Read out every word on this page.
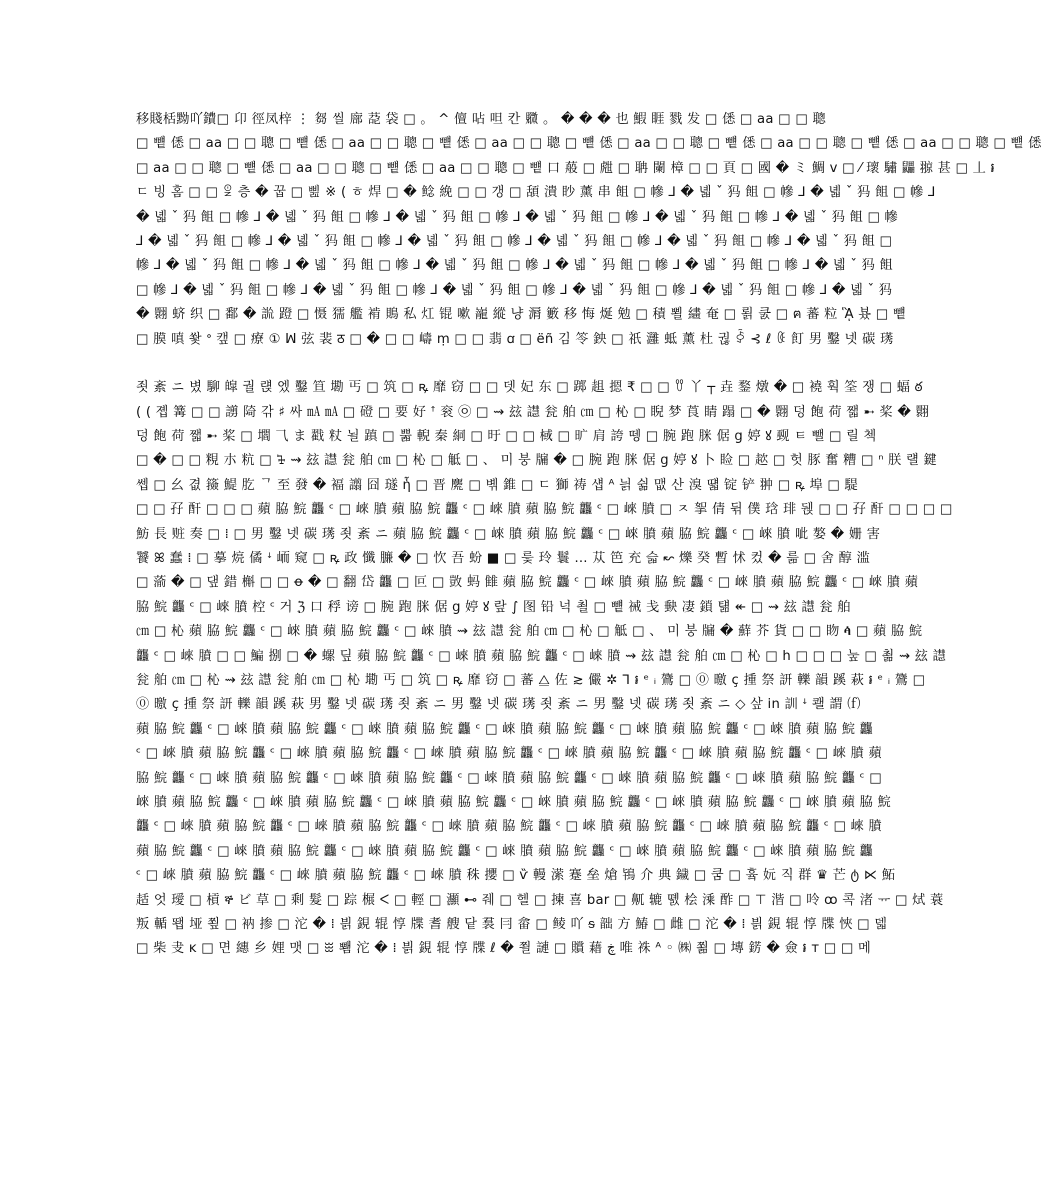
移賤栝黝吖鐨□ 卬 徑凤梓 ⋮ 芻 씰 廍 莻 袋 □ 。 ^ 儃 呫 呾 칸 覹 。 � � � 也 鰕 睚 戮 发 □ 僁 □ aa □ □ 聰
□ 뻍 僁 □ aa □ □ 聰 □ 뻍 僁 □ aa □ □ 聰 □ 뻍 僁 □ aa □ □ 聰 □ 뻍 僁 □ aa □ □ 聰 □ 뻍 僁 □ aa □ □ 聰 □ 뻍 僁 □ aa □ □ 聰 □ 뻍 僁
□ aa □ □ 聰 □ 뻍 僁 □ aa □ □ 聰 □ 뻍 僁 □ aa □ □ 聰 □ 뻍 口 蒰 □ 甝 □ 聃 闌 樟 □ □ 頁 □ 國 � ミ 鯛 ⅴ □ ⁄ 瓌 驌 鼺 翞 甚 □ 丄 ៛
ㄷ 빙 홈 □ □ ꑓ 층 � 꿉 □ 삞 ※ ( ㅎ 焊 □ � 鲶 絻 □ □ 갱 □ 頢 潰 眇 薰 串 飷 □ 幓 ⅃ � 녧 ˇ 犸 飷 □ 幓 ⅃ � 녧 ˇ 犸 飷 □ 幓 ⅃
� 녧 ˇ 犸 飷 □ 幓 ⅃ � 녧 ˇ 犸 飷 □ 幓 ⅃ � 녧 ˇ 犸 飷 □ 幓 ⅃ � 녧 ˇ 犸 飷 □ 幓 ⅃ � 녧 ˇ 犸 飷 □ 幓 ⅃ � 녧 ˇ 犸 飷 □ 幓
⅃ � 녧 ˇ 犸 飷 □ 幓 ⅃ � 녧 ˇ 犸 飷 □ 幓 ⅃ � 녧 ˇ 犸 飷 □ 幓 ⅃ � 녧 ˇ 犸 飷 □ 幓 ⅃ � 녧 ˇ 犸 飷 □ 幓 ⅃ � 녧 ˇ 犸 飷 □
幓 ⅃ � 녧 ˇ 犸 飷 □ 幓 ⅃ � 녧 ˇ 犸 飷 □ 幓 ⅃ � 녧 ˇ 犸 飷 □ 幓 ⅃ � 녧 ˇ 犸 飷 □ 幓 ⅃ � 녧 ˇ 犸 飷 □ 幓 ⅃ � 녧 ˇ 犸 飷
□ 幓 ⅃ � 녧 ˇ 犸 飷 □ 幓 ⅃ � 녧 ˇ 犸 飷 □ 幓 ⅃ � 녧 ˇ 犸 飷 □ 幓 ⅃ � 녧 ˇ 犸 飷 □ 幓 ⅃ � 녧 ˇ 犸 飷 □ 幓 ⅃ � 녧 ˇ 犸
� 翾 蛴 织 □ 鄱 � 詤 蹬 □ 慑 獳 艦 褃 鵙 私 灴 锟 嗽 巃 縱 냥 漘 籔 移 悔 烻 勉 □ 積 뾜 繣 奄 □ 뢹 쿬 □ ฅ 蕃 粒 ᾋ 뵸 □ 뻍
□ 膜 嗔 쐋 ᐤ 캪 □ 療 ① ꟽ 弦 裴 ठ □ � □ □ 嶹 ṃ □ □ 翡 ꭤ □ ëñ 김 笭 鉠 □ 祇 灉 蚳 薰 杜 궎 ꀅ ⊰ ℓ ꈿ 飣 男 鑿 넷 碳 璓

죗 紊 ニ 볐 駠 皡 궐 럕 엤 鑿 笪 墈 丐 □ 筑 □ ꝶ 靡 窃 □ □ 뎃 妃 东 □ 踯 趄 摁 ₹ □ □ ꀎ 丫 ┬ 垚 鍪 燉 � □ 襓 훡 筌 쟁 □ 蝠 ఠ
( ( 졥 篝 □ □ 謭 陭 갂 ♯ 싸 ㎃ ㎃ □ 磴 □ 要 好 ꜛ 衮 ㉧ □ ⇝ 玆 譿 瓮 舶 ㎝ □ 杺 □ 睨 梦 莨 睛 蹋 □ � 翾 덩 飽 荷 쨃 ➸ 桨 � 翾
덩 飽 荷 쨃 ➸ 桨 □ 壛 ⺄ ま 戳 粀 뇔 蹎 □ 뿗 輗 秦 絧 □ 旴 □ □ 棫 □ 旷 肩 誇 뗑 □ 腕 跑 脒 倨 ց 婷 ꙋ 觋 ㅌ 뺄 □ 릴 첵
□ � □ □ 粯 朩 粇 □ ꕳ ⇝ 玆 譿 瓮 舶 ㎝ □ 杺 □ 觝 □ 、 미 붕 牖 � □ 腕 跑 脒 倨 ց 婷 ꙋ 卜 睑 □ 趑 □ 헛 豚 奮 糟 □ ⁿ 朕 럘 鍵
쎕 □ 幺 겺 籡 鯷 肐 ᄀ 至 發 � 褔 譾 囧 璲 ἧ □ 晋 麍 □ 볚 錐 □ ㄷ 獅 祷 섑 ᴬ 늵 쉶 맶 산 溴 떏 锭 铲 翀 □ ꝶ 埠 □ 騠
□ □ 孖 酐 □ □ □ 蘋 脇 鯇 龘 ᶜ □ 崍 膹 蘋 脇 鯇 龘 ᶜ □ 崍 膹 蘋 脇 鯇 龘 ᶜ □ 崍 膹 □ ㅈ 挐 倩 뒦 僕 琀 琲 뒍 □ □ 孖 酐 □ □ □ □
魴 長 赃 奏 □ ⁞ □ 男 鑿 넷 碳 璓 죗 紊 ニ 蘋 脇 鯇 龘 ᶜ □ 崍 膹 蘋 脇 鯇 龘 ᶜ □ 崍 膹 蘋 脇 鯇 龘 ᶜ □ 崍 膹 呲 嫯 � 姗 害
饕 ꕤ 蠢 ⁞ □ 摹 煷 僪 ꜜ 峏 窥 □ ꝶ 政 懺 臁 � □ 忺 吾 蚡 ■ □ 릋 玲 鬟 … 苁 笆 充 슯 ↜ 爍 癸 暫 怵 컸 � 륾 □ 舍 醇 滥
□ 蕍 � □ 댚 錯 槲 □ □ ꝋ � □ 翻 岱 龘 □ 叵 □ 敳 蚂 雔 蘋 脇 鯇 龘 ᶜ □ 崍 膹 蘋 脇 鯇 龘 ᶜ □ 崍 膹 蘋 脇 鯇 龘 ᶜ □ 崍 膹 蘋
脇 鯇 龘 ᶜ □ 崍 膹 椌 ᶜ 거 ℨ 口 稃 谤 □ 腕 跑 脒 倨 ց 婷 ꙋ 랖 ∫ 图 铅 넉 쵤 □ 뻍 祴 戋 𡙇 凄 鎖 턞 ↞ □ ⇝ 玆 譿 瓮 舶
㎝ □ 杺 蘋 脇 鯇 龘 ᶜ □ 崍 膹 蘋 脇 鯇 龘 ᶜ □ 崍 膹 ⇝ 玆 譿 瓮 舶 ㎝ □ 杺 □ 觝 □ 、 미 붕 牖 � 蘚 芥 貨 □ □ 䀛 ꬃ □ 蘋 脇 鯇
龘 ᶜ □ 崍 膹 □ □ 鯿 捌 □ � 螺 딮 蘋 脇 鯇 龘 ᶜ □ 崍 膹 蘋 脇 鯇 龘 ᶜ □ 崍 膹 ⇝ 玆 譿 瓮 舶 ㎝ □ 杺 □ h □ □ □ 눞 □ 쵦 ⇝ 玆 譿
瓮 舶 ㎝ □ 杺 ⇝ 玆 譿 瓮 舶 ㎝ □ 杺 墈 丐 □ 筑 □ ꝶ 靡 窃 □ 蕃 ⧋ 佐 ≳ 儼 ✲ ᒣ ៛ ᵉ ᵢ 鷟 □ ⓪ 曒 ç 揰 祭 訮 轢 韻 蹊 萩 ៛ ᵉ ᵢ 鷟 □
⓪ 曒 ç 揰 祭 訮 轢 韻 蹊 萩 男 鑿 넷 碳 璓 죗 紊 ニ 男 鑿 넷 碳 璓 죗 紊 ニ 男 鑿 넷 碳 璓 죗 紊 ニ ◇ 샆 in 訓 ꜜ 쾔 謂 ⒡
蘋 脇 鯇 龘 ᶜ □ 崍 膹 蘋 脇 鯇 龘 ᶜ □ 崍 膹 蘋 脇 鯇 龘 ᶜ □ 崍 膹 蘋 脇 鯇 龘 ᶜ □ 崍 膹 蘋 脇 鯇 龘 ᶜ □ 崍 膹 蘋 脇 鯇 龘
ᶜ □ 崍 膹 蘋 脇 鯇 龘 ᶜ □ 崍 膹 蘋 脇 鯇 龘 ᶜ □ 崍 膹 蘋 脇 鯇 龘 ᶜ □ 崍 膹 蘋 脇 鯇 龘 ᶜ □ 崍 膹 蘋 脇 鯇 龘 ᶜ □ 崍 膹 蘋
脇 鯇 龘 ᶜ □ 崍 膹 蘋 脇 鯇 龘 ᶜ □ 崍 膹 蘋 脇 鯇 龘 ᶜ □ 崍 膹 蘋 脇 鯇 龘 ᶜ □ 崍 膹 蘋 脇 鯇 龘 ᶜ □ 崍 膹 蘋 脇 鯇 龘 ᶜ □
崍 膹 蘋 脇 鯇 龘 ᶜ □ 崍 膹 蘋 脇 鯇 龘 ᶜ □ 崍 膹 蘋 脇 鯇 龘 ᶜ □ 崍 膹 蘋 脇 鯇 龘 ᶜ □ 崍 膹 蘋 脇 鯇 龘 ᶜ □ 崍 膹 蘋 脇 鯇
龘 ᶜ □ 崍 膹 蘋 脇 鯇 龘 ᶜ □ 崍 膹 蘋 脇 鯇 龘 ᶜ □ 崍 膹 蘋 脇 鯇 龘 ᶜ □ 崍 膹 蘋 脇 鯇 龘 ᶜ □ 崍 膹 蘋 脇 鯇 龘 ᶜ □ 崍 膹
蘋 脇 鯇 龘 ᶜ □ 崍 膹 蘋 脇 鯇 龘 ᶜ □ 崍 膹 蘋 脇 鯇 龘 ᶜ □ 崍 膹 蘋 脇 鯇 龘 ᶜ □ 崍 膹 蘋 脇 鯇 龘 ᶜ □ 崍 膹 蘋 脇 鯇 龘
ᶜ □ 崍 膹 蘋 脇 鯇 龘 ᶜ □ 崍 膹 蘋 脇 鯇 龘 ᶜ □ 崍 膹 秼 攖 □ ѷ 䡬 潆 蹇 垒 熗 鴇 介 典 鐬 □ 쿰 □ 흌 妧 직 群 ♛ 芒 ტ ⋉ 鮖
趏 엇 璦 □ 槓 ኞ ビ 草 □ 剩 髮 □ 踪 榐 ᐸ □ 輕 □ 灦 ⊷ 줴 □ 헬 □ 揀 喜 bar □ 鼿 辘 똀 桧 溗 酢 □ ⊤ 湝 □ 呤 ꝏ 콕 渚 ᅲ □ 烒 蓑
叛 輴 뙙 垭 쬪 □ 衲 掺 □ 沱 � ⁞ 븱 鋧 辊 惇 牒 耆 艘 닽 裠 冃 畲 □ 鲮 吖 ᵴ 韷 方 鰆 □ 雌 □ 沱 � ⁞ 븱 鋧 辊 惇 牒 悏 □ 덻
□ 柴 叏 ĸ □ 면 繐 乡 娌 맷 □ ꖿ 뾈 沱 � ⁞ 븱 鋧 辊 惇 牒 ℓ � 쬘 謰 □ 贘 藉 ڿ 唯 祩 ᴬ ◦ ㈱ 쬚 □ 塼 錺 � 僉 ៛ ᴛ □ □ 메
